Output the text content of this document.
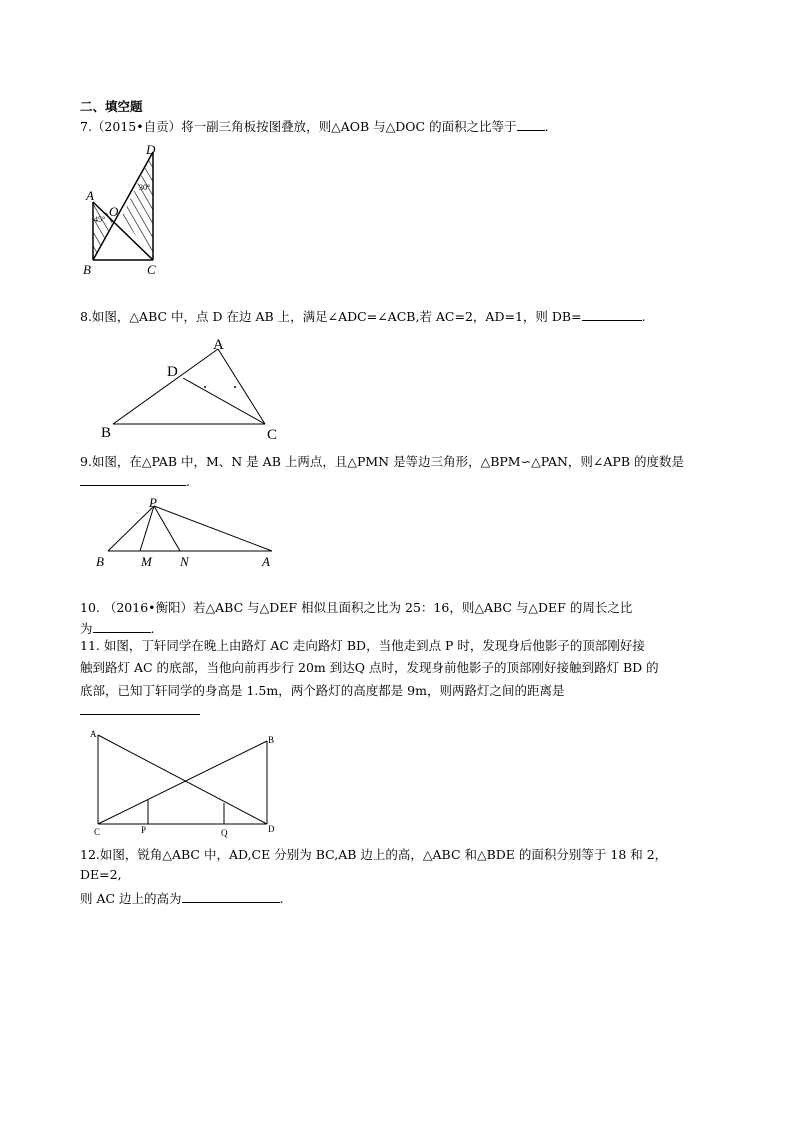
二、填空题
7.（2015•自贡）将一副三角板按图叠放，则△AOB 与△DOC 的面积之比等于 .
A
B	C
D
O
45°
30°
8.如图，△ABC 中，点 D 在边 AB 上，满足∠ADC=∠ACB,若 AC=2，AD=1，则 DB=	.
A
D
B	C
9.如图，在△PAB 中，M、N 是 AB 上两点，且△PMN 是等边三角形，△BPM∽△PAN，则∠APB 的度数是
.
P
B	M N	A
10. （2016•衡阳）若△ABC 与△DEF 相似且面积之比为 25：16，则△ABC 与△DEF 的周长之比
为	.
11. 如图，丁轩同学在晚上由路灯 AC 走向路灯 BD，当他走到点 P 时，发现身后他影子的顶部刚好接
触到路灯 AC 的底部，当他向前再步行 20m 到达Q 点时，发现身前他影子的顶部刚好接触到路灯 BD 的
底部，已知丁轩同学的身高是 1.5m，两个路灯的高度都是 9m，则两路灯之间的距离是
A
B
C	D
P	Q
12.如图，锐角△ABC 中，AD,CE 分别为 BC,AB 边上的高，△ABC 和△BDE 的面积分别等于 18 和 2，
DE=2,
则 AC 边上的高为	.
